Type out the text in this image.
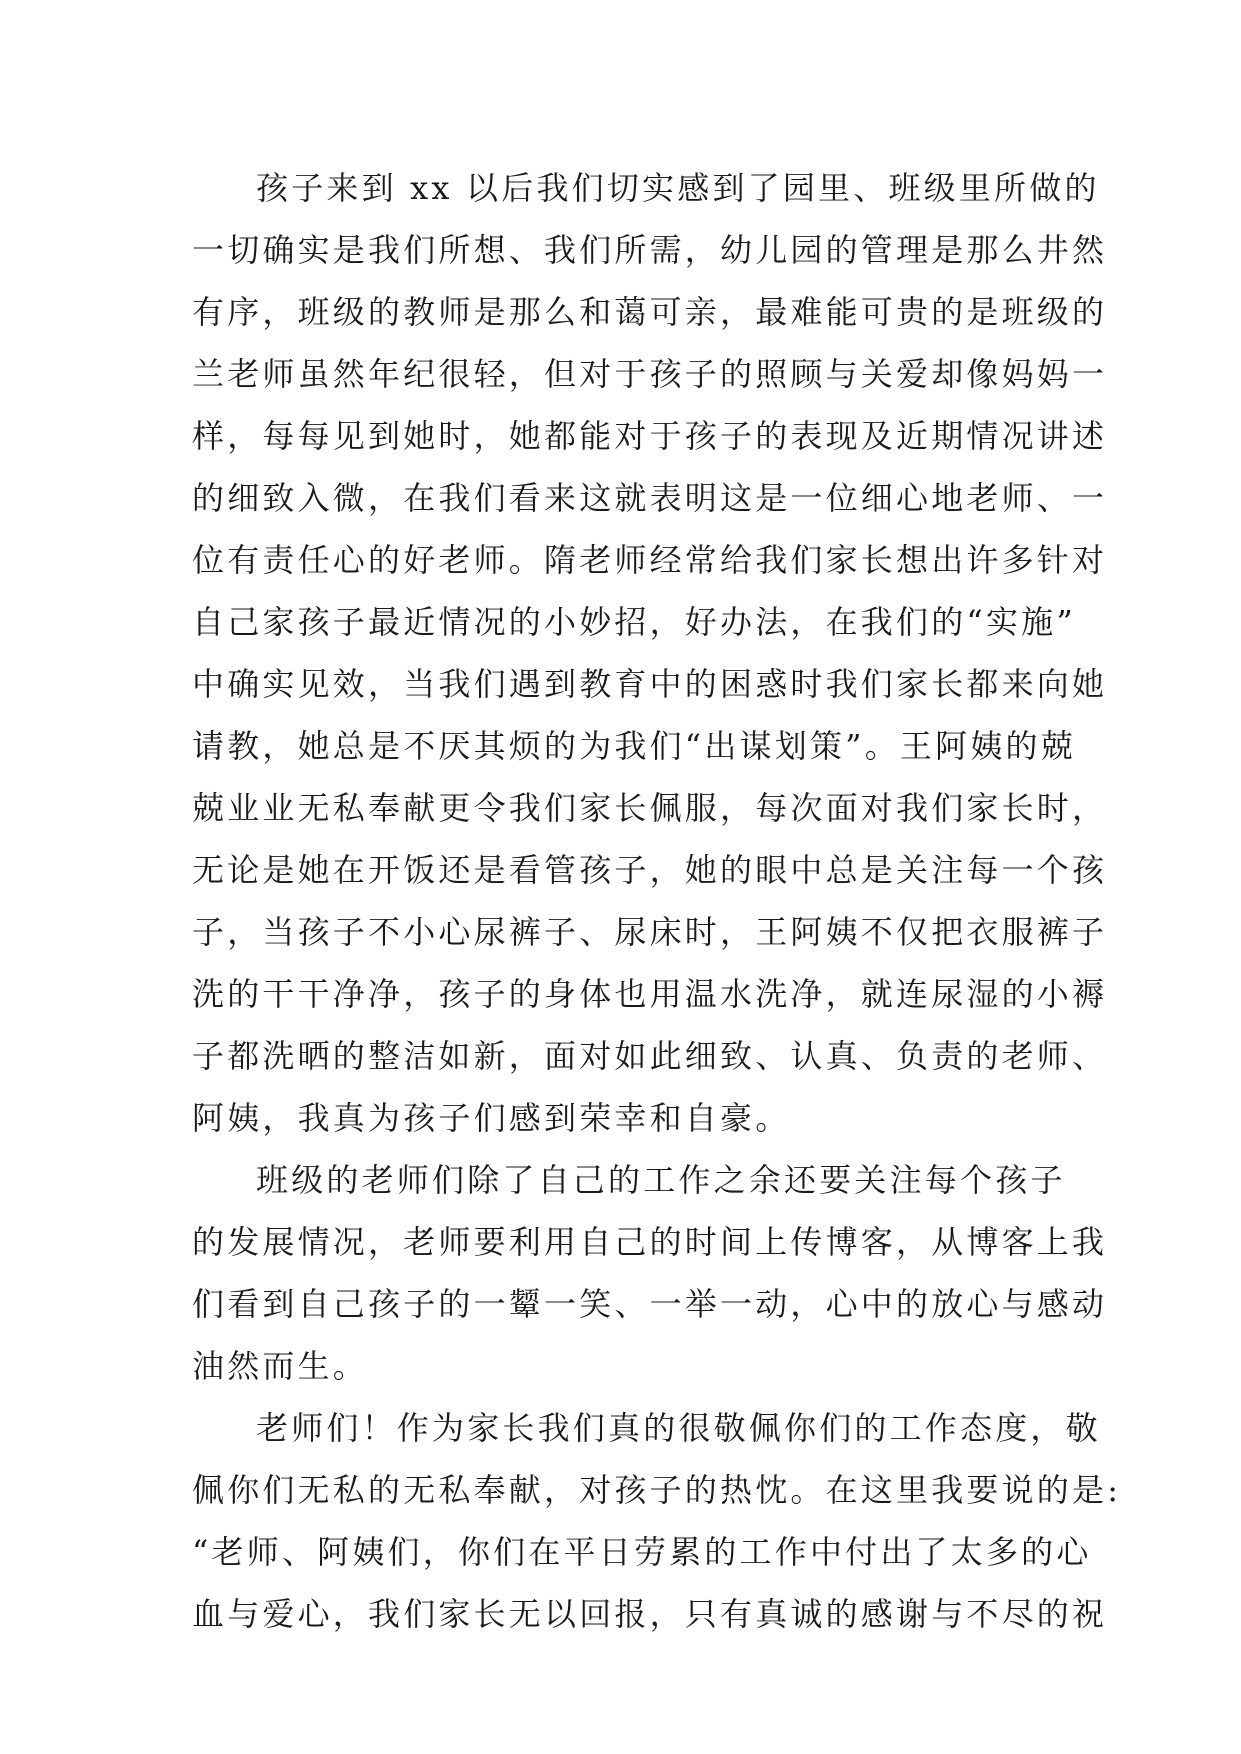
孩子来到 xx 以后我们切实感到了园里、班级里所做的
一切确实是我们所想、我们所需，幼儿园的管理是那么井然
有序，班级的教师是那么和蔼可亲，最难能可贵的是班级的
兰老师虽然年纪很轻，但对于孩子的照顾与关爱却像妈妈一
样，每每见到她时，她都能对于孩子的表现及近期情况讲述
的细致入微，在我们看来这就表明这是一位细心地老师、一
位有责任心的好老师。隋老师经常给我们家长想出许多针对
自己家孩子最近情况的小妙招，好办法，在我们的“实施”
中确实见效，当我们遇到教育中的困惑时我们家长都来向她
请教，她总是不厌其烦的为我们“出谋划策”。王阿姨的兢
兢业业无私奉献更令我们家长佩服，每次面对我们家长时，
无论是她在开饭还是看管孩子，她的眼中总是关注每一个孩
子，当孩子不小心尿裤子、尿床时，王阿姨不仅把衣服裤子
洗的干干净净，孩子的身体也用温水洗净，就连尿湿的小褥
子都洗晒的整洁如新，面对如此细致、认真、负责的老师、
阿姨，我真为孩子们感到荣幸和自豪。
班级的老师们除了自己的工作之余还要关注每个孩子
的发展情况，老师要利用自己的时间上传博客，从博客上我
们看到自己孩子的一颦一笑、一举一动，心中的放心与感动
油然而生。
老师们！作为家长我们真的很敬佩你们的工作态度，敬
佩你们无私的无私奉献，对孩子的热忱。在这里我要说的是:
“老师、阿姨们，你们在平日劳累的工作中付出了太多的心
血与爱心，我们家长无以回报，只有真诚的感谢与不尽的祝
